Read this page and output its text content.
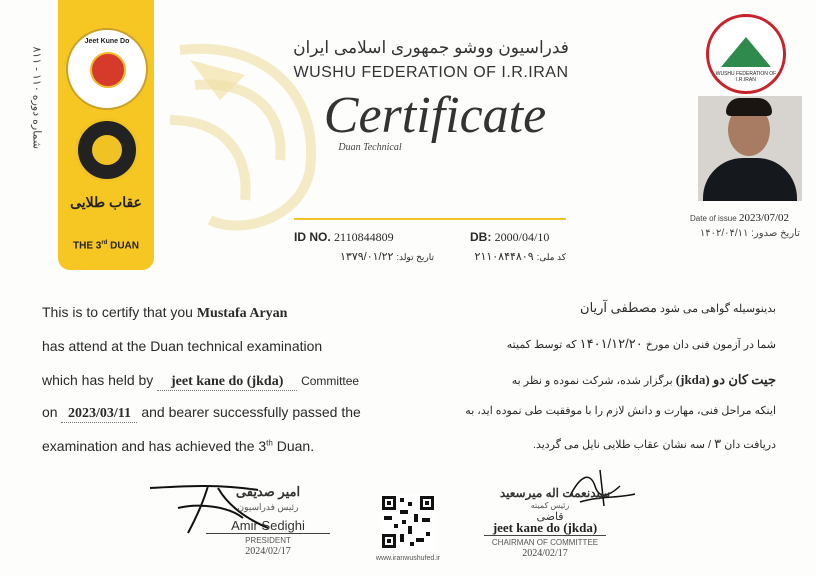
شماره دوره ۱۱۰ - ۸۱۱
Jeet Kune Do
عقاب طلایی
THE 3rd DUAN
فدراسیون ووشو جمهوری اسلامی ایران
WUSHU FEDERATION OF I.R.IRAN
Certificate
Duan Technical
WUSHU FEDERATION OF I.R.IRAN
Date of issue 2023/07/02
تاریخ صدور: ۱۴۰۲/۰۴/۱۱
ID NO. 2110844809	DB: 2000/04/10
تاریخ تولد: ۱۳۷۹/۰۱/۲۲	کد ملی: ۲۱۱۰۸۴۴۸۰۹
This is to certify that you Mustafa Aryan
has attend at the Duan technical examination
which has held by jeet kane do (jkda) Committee
on 2023/03/11 and bearer successfully passed the
examination and has achieved the 3th Duan.
بدینوسیله گواهی می شود مصطفی آریان
شما در آزمون فنی دان مورخ ۱۴۰۱/۱۲/۲۰ که توسط کمیته
جیت کان دو (jkda) برگزار شده، شرکت نموده و نظر به
اینکه مراحل فنی، مهارت و دانش لازم را با موفقیت طی نموده اید، به
دریافت دان ۳ / سه نشان عقاب طلایی نایل می گردید.
امیر صدیقی
رئیس فدراسیون
Amir Sedighi
PRESIDENT
2024/02/17
www.iranwushufed.ir
سیدنعمت اله میرسعید
رئیس کمیته
قاضی
jeet kane do (jkda)
CHAIRMAN OF COMMITTEE
2024/02/17
